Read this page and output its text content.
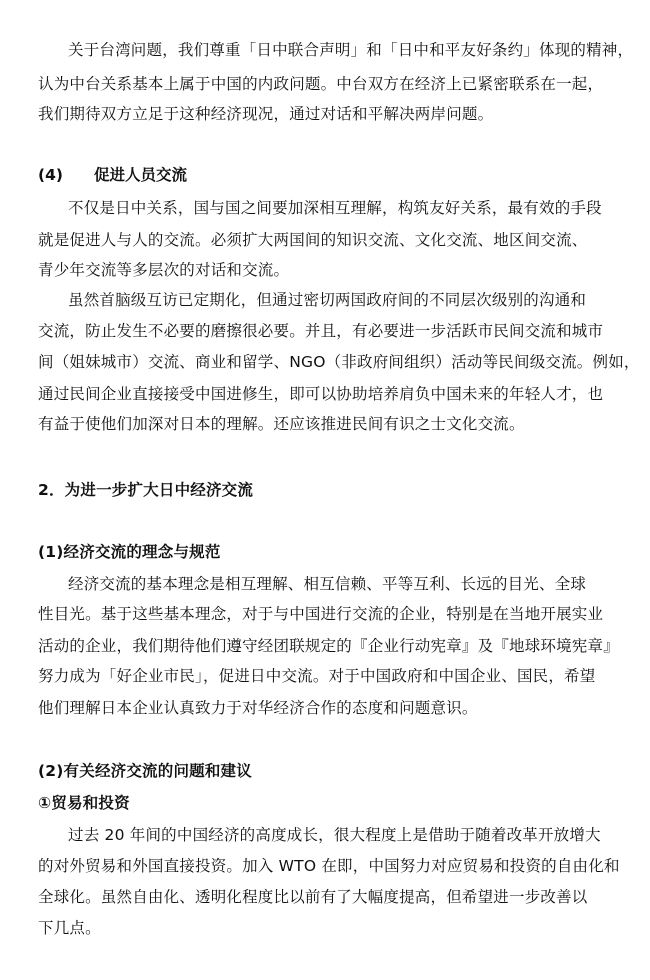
关于台湾问题，我们尊重「日中联合声明」和「日中和平友好条约」体现的精神，
认为中台关系基本上属于中国的内政问题。中台双方在经济上已紧密联系在一起，
我们期待双方立足于这种经济现况，通过对话和平解决两岸问题。
(4) 促进人员交流
不仅是日中关系，国与国之间要加深相互理解，构筑友好关系，最有效的手段
就是促进人与人的交流。必须扩大两国间的知识交流、文化交流、地区间交流、
青少年交流等多层次的对话和交流。
虽然首脑级互访已定期化，但通过密切两国政府间的不同层次级别的沟通和
交流，防止发生不必要的磨擦很必要。并且，有必要进一步活跃市民间交流和城市
间（姐妹城市）交流、商业和留学、NGO（非政府间组织）活动等民间级交流。例如，
通过民间企业直接接受中国进修生，即可以协助培养肩负中国未来的年轻人才，也
有益于使他们加深对日本的理解。还应该推进民间有识之士文化交流。
2．为进一步扩大日中经济交流
(1)经济交流的理念与规范
经济交流的基本理念是相互理解、相互信赖、平等互利、长远的目光、全球
性目光。基于这些基本理念，对于与中国进行交流的企业，特别是在当地开展实业
活动的企业，我们期待他们遵守经团联规定的『企业行动宪章』及『地球环境宪章』
努力成为「好企业市民」，促进日中交流。对于中国政府和中国企业、国民，希望
他们理解日本企业认真致力于对华经济合作的态度和问题意识。
(2)有关经济交流的问题和建议
①贸易和投资
过去 20 年间的中国经济的高度成长，很大程度上是借助于随着改革开放增大
的对外贸易和外国直接投资。加入 WTO 在即，中国努力对应贸易和投资的自由化和
全球化。虽然自由化、透明化程度比以前有了大幅度提高，但希望进一步改善以
下几点。
